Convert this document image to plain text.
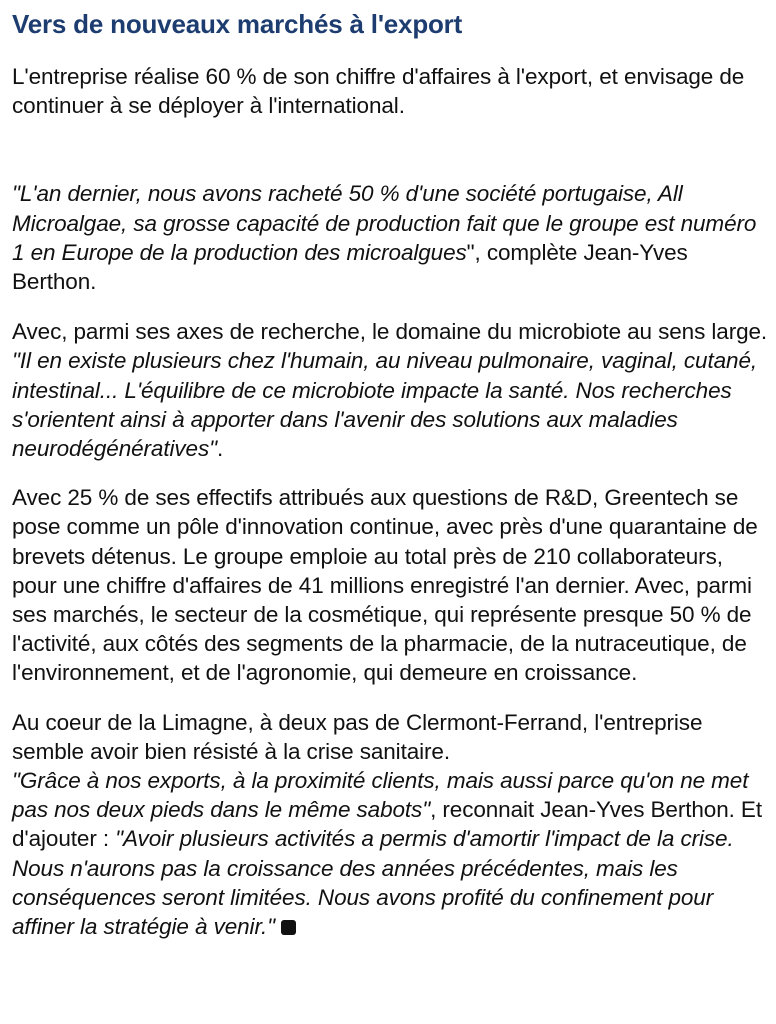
Vers de nouveaux marchés à l'export

L'entreprise réalise 60 % de son chiffre d'affaires à l'export, et envisage de continuer à se déployer à l'international.

"L'an dernier, nous avons racheté 50 % d'une société portugaise, All Microalgae, sa grosse capacité de production fait que le groupe est numéro 1 en Europe de la production des microalgues", complète Jean-Yves Berthon.

Avec, parmi ses axes de recherche, le domaine du microbiote au sens large. "Il en existe plusieurs chez l'humain, au niveau pulmonaire, vaginal, cutané, intestinal... L'équilibre de ce microbiote impacte la santé. Nos recherches s'orientent ainsi à apporter dans l'avenir des solutions aux maladies neurodégénératives".

Avec 25 % de ses effectifs attribués aux questions de R&D, Greentech se pose comme un pôle d'innovation continue, avec près d'une quarantaine de brevets détenus. Le groupe emploie au total près de 210 collaborateurs, pour une chiffre d'affaires de 41 millions enregistré l'an dernier. Avec, parmi ses marchés, le secteur de la cosmétique, qui représente presque 50 % de l'activité, aux côtés des segments de la pharmacie, de la nutraceutique, de l'environnement, et de l'agronomie, qui demeure en croissance.

Au coeur de la Limagne, à deux pas de Clermont-Ferrand, l'entreprise semble avoir bien résisté à la crise sanitaire.
"Grâce à nos exports, à la proximité clients, mais aussi parce qu'on ne met pas nos deux pieds dans le même sabots", reconnait Jean-Yves Berthon. Et d'ajouter : "Avoir plusieurs activités a permis d'amortir l'impact de la crise. Nous n'aurons pas la croissance des années précédentes, mais les conséquences seront limitées. Nous avons profité du confinement pour affiner la stratégie à venir."
